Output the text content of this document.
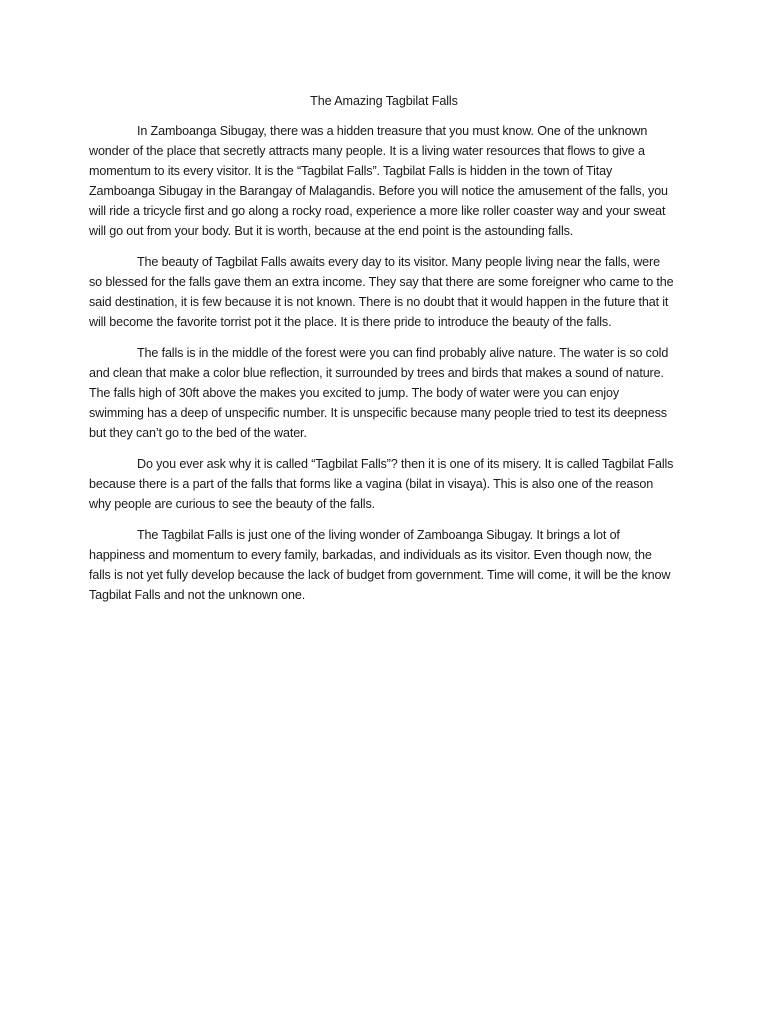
The Amazing Tagbilat Falls

In Zamboanga Sibugay, there was a hidden treasure that you must know. One of the unknown wonder of the place that secretly attracts many people. It is a living water resources that flows to give a momentum to its every visitor. It is the “Tagbilat Falls”. Tagbilat Falls is hidden in the town of Titay Zamboanga Sibugay in the Barangay of Malagandis. Before you will notice the amusement of the falls, you will ride a tricycle first and go along a rocky road, experience a more like roller coaster way and your sweat will go out from your body. But it is worth, because at the end point is the astounding falls.

The beauty of Tagbilat Falls awaits every day to its visitor. Many people living near the falls, were so blessed for the falls gave them an extra income. They say that there are some foreigner who came to the said destination, it is few because it is not known. There is no doubt that it would happen in the future that it will become the favorite torrist pot it the place. It is there pride to introduce the beauty of the falls.

The falls is in the middle of the forest were you can find probably alive nature. The water is so cold and clean that make a color blue reflection, it surrounded by trees and birds that makes a sound of nature. The falls high of 30ft above the makes you excited to jump. The body of water were you can enjoy swimming has a deep of unspecific number. It is unspecific because many people tried to test its deepness but they can’t go to the bed of the water.

Do you ever ask why it is called “Tagbilat Falls”? then it is one of its misery. It is called Tagbilat Falls because there is a part of the falls that forms like a vagina (bilat in visaya). This is also one of the reason why people are curious to see the beauty of the falls.

The Tagbilat Falls is just one of the living wonder of Zamboanga Sibugay. It brings a lot of happiness and momentum to every family, barkadas, and individuals as its visitor. Even though now, the falls is not yet fully develop because the lack of budget from government. Time will come, it will be the know Tagbilat Falls and not the unknown one.
